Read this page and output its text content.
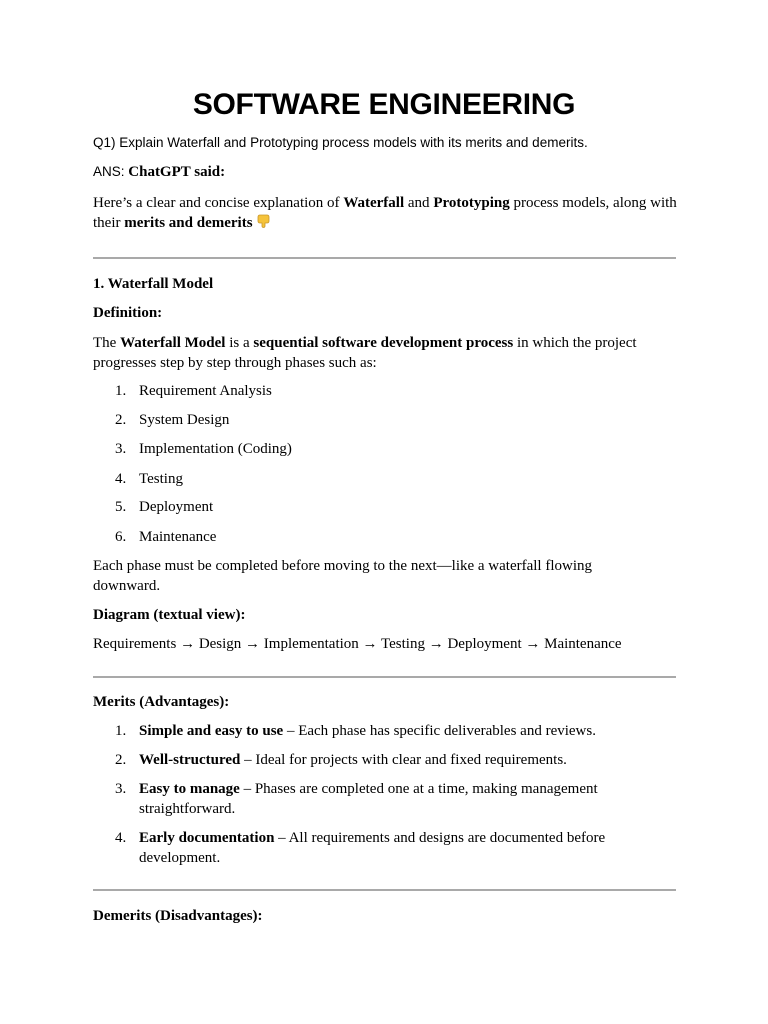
SOFTWARE ENGINEERING

Q1) Explain Waterfall and Prototyping process models with its merits and demerits.

ANS: ChatGPT said:

Here’s a clear and concise explanation of Waterfall and Prototyping process models, along with their merits and demerits

1. Waterfall Model

Definition:

The Waterfall Model is a sequential software development process in which the project progresses step by step through phases such as:

1. Requirement Analysis
2. System Design
3. Implementation (Coding)
4. Testing
5. Deployment
6. Maintenance

Each phase must be completed before moving to the next—like a waterfall flowing downward.

Diagram (textual view):

Requirements → Design → Implementation → Testing → Deployment → Maintenance

Merits (Advantages):

1. Simple and easy to use – Each phase has specific deliverables and reviews.
2. Well-structured – Ideal for projects with clear and fixed requirements.
3. Easy to manage – Phases are completed one at a time, making management straightforward.
4. Early documentation – All requirements and designs are documented before development.

Demerits (Disadvantages):
